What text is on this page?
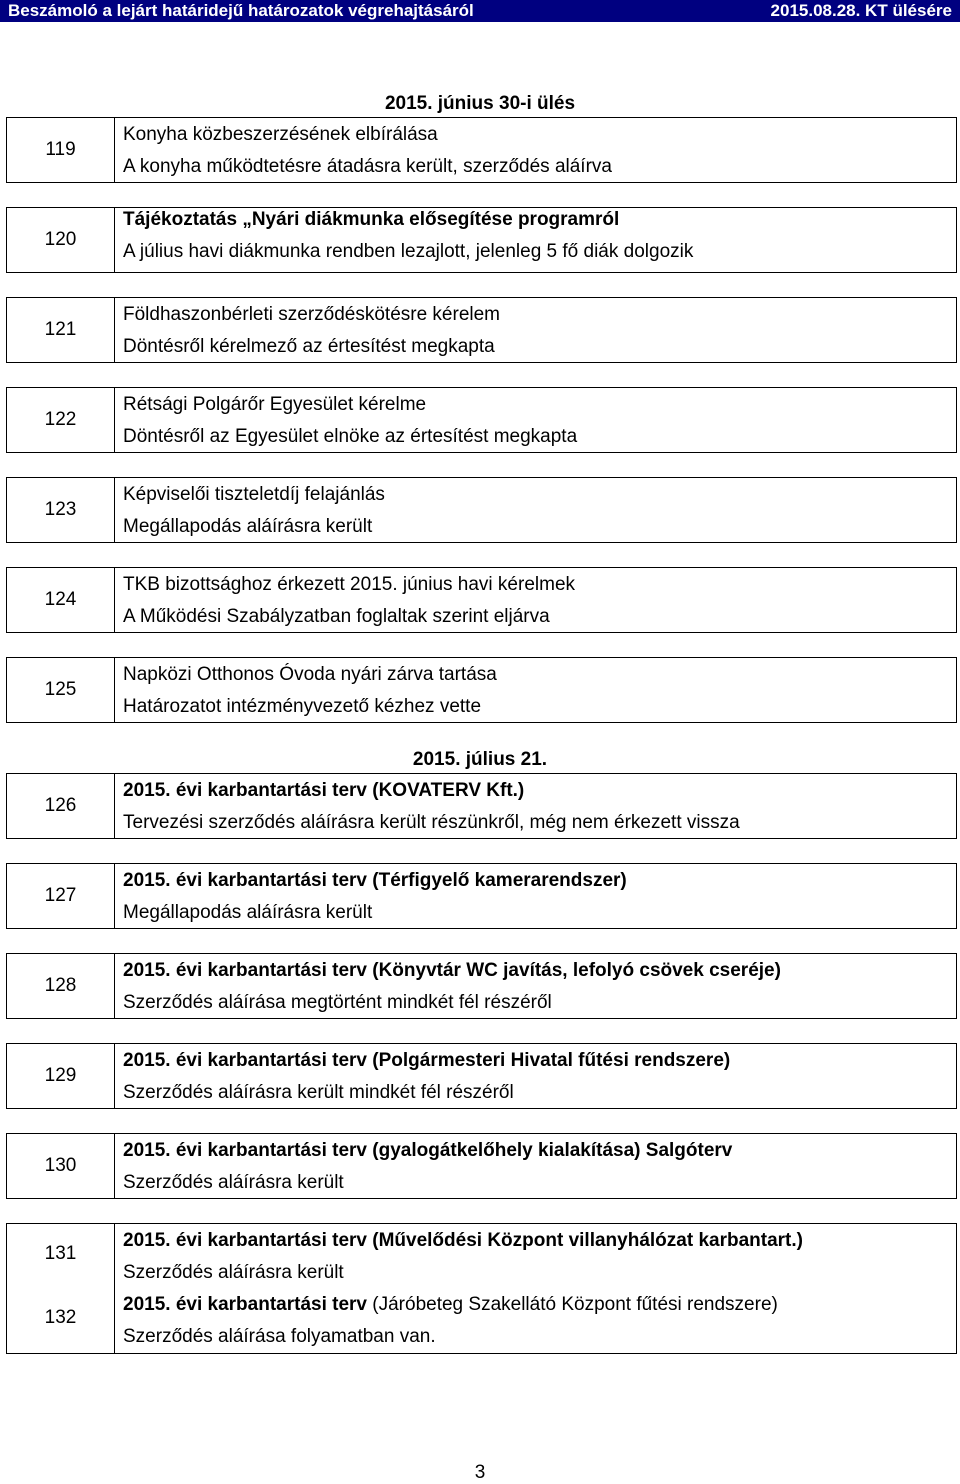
Beszámoló a lejárt határidejű határozatok végrehajtásáról	2015.08.28. KT ülésére
2015. június 30-i ülés
119
Konyha közbeszerzésének elbírálása
A konyha működtetésre átadásra került, szerződés aláírva
120
Tájékoztatás „Nyári diákmunka elősegítése programról
A július havi diákmunka rendben lezajlott, jelenleg 5 fő diák dolgozik
121
Földhaszonbérleti szerződéskötésre kérelem
Döntésről kérelmező az értesítést megkapta
122
Rétsági Polgárőr Egyesület kérelme
Döntésről az Egyesület elnöke az értesítést megkapta
123
Képviselői tiszteletdíj felajánlás
Megállapodás aláírásra került
124
TKB bizottsághoz érkezett 2015. június havi kérelmek
A Működési Szabályzatban foglaltak szerint eljárva
125
Napközi Otthonos Óvoda nyári zárva tartása
Határozatot intézményvezető kézhez vette
2015. július 21.
126
2015. évi karbantartási terv (KOVATERV Kft.)
Tervezési szerződés aláírásra került részünkről, még nem érkezett vissza
127
2015. évi karbantartási terv (Térfigyelő kamerarendszer)
Megállapodás aláírásra került
128
2015. évi karbantartási terv (Könyvtár WC javítás, lefolyó csövek cseréje)
Szerződés aláírása megtörtént mindkét fél részéről
129
2015. évi karbantartási terv (Polgármesteri Hivatal fűtési rendszere)
Szerződés aláírásra került mindkét fél részéről
130
2015. évi karbantartási terv (gyalogátkelőhely kialakítása) Salgóterv
Szerződés aláírásra került
131
132
2015. évi karbantartási terv (Művelődési Központ villanyhálózat karbantart.)
Szerződés aláírásra került
2015. évi karbantartási terv (Járóbeteg Szakellátó Központ fűtési rendszere)
Szerződés aláírása folyamatban van.
3
